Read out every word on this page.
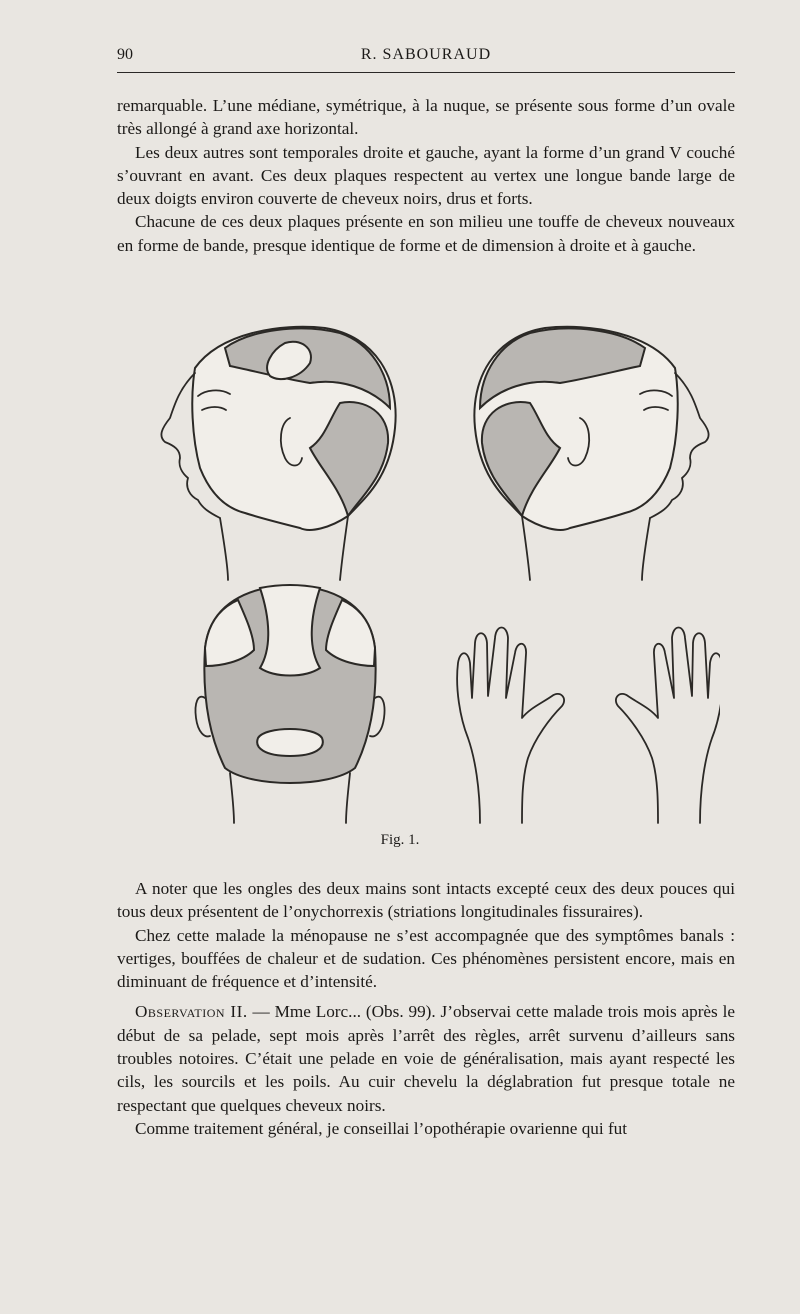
90	R. SABOURAUD

remarquable. L’une médiane, symétrique, à la nuque, se présente sous forme d’un ovale très allongé à grand axe horizontal.

Les deux autres sont temporales droite et gauche, ayant la forme d’un grand V couché s’ouvrant en avant. Ces deux plaques respectent au vertex une longue bande large de deux doigts environ couverte de cheveux noirs, drus et forts.

Chacune de ces deux plaques présente en son milieu une touffe de cheveux nouveaux en forme de bande, presque identique de forme et de dimension à droite et à gauche.

Fig. 1.

A noter que les ongles des deux mains sont intacts excepté ceux des deux pouces qui tous deux présentent de l’onychorrexis (striations longitudinales fissuraires).

Chez cette malade la ménopause ne s’est accompagnée que des symptômes banals : vertiges, bouffées de chaleur et de sudation. Ces phénomènes persistent encore, mais en diminuant de fréquence et d’intensité.

Observation II. — Mme Lorc... (Obs. 99). J’observai cette malade trois mois après le début de sa pelade, sept mois après l’arrêt des règles, arrêt survenu d’ailleurs sans troubles notoires. C’était une pelade en voie de généralisation, mais ayant respecté les cils, les sourcils et les poils. Au cuir chevelu la déglabration fut presque totale ne respectant que quelques cheveux noirs.

Comme traitement général, je conseillai l’opothérapie ovarienne qui fut
